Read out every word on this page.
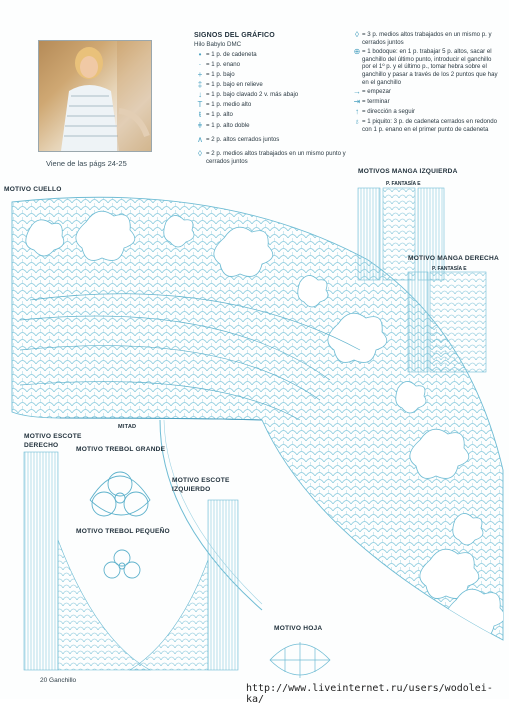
Viene de las págs 24-25
SIGNOS DEL GRÁFICO
Hilo Babylo DMC
• = 1 p. de cadeneta
· = 1 p. enano
+ = 1 p. bajo
‡ = 1 p. bajo en relieve
↓ = 1 p. bajo clavado 2 v. más abajo
T = 1 p. medio alto
ŧ = 1 p. alto
ǂ = 1 p. alto doble
∧ = 2 p. altos cerrados juntos
◊ = 2 p. medios altos trabajados en un mismo punto y cerrados juntos
◊ = 3 p. medios altos trabajados en un mismo p. y cerrados juntos
⊕ = 1 bodoque: en 1 p. trabajar 5 p. altos, sacar el ganchillo del último punto, introducir el ganchillo por el 1º p. y el último p., tomar hebra sobre el ganchillo y pasar a través de los 2 puntos que hay en el ganchillo
→ = empezar
⇥ = terminar
↑ = dirección a seguir
♁ = 1 piquito: 3 p. de cadeneta cerrados en redondo con 1 p. enano en el primer punto de cadeneta
MOTIVO CUELLO
MOTIVOS MANGA IZQUIERDA
P. FANTASÍA E
MOTIVO MANGA DERECHA
P. FANTASÍA E
MITAD
MOTIVO ESCOTE
DERECHO
MOTIVO TREBOL GRANDE
MOTIVO TREBOL PEQUEÑO
MOTIVO ESCOTE
IZQUIERDO
MOTIVO HOJA
20 Ganchillo
http://www.liveinternet.ru/users/wodolei-ka/
